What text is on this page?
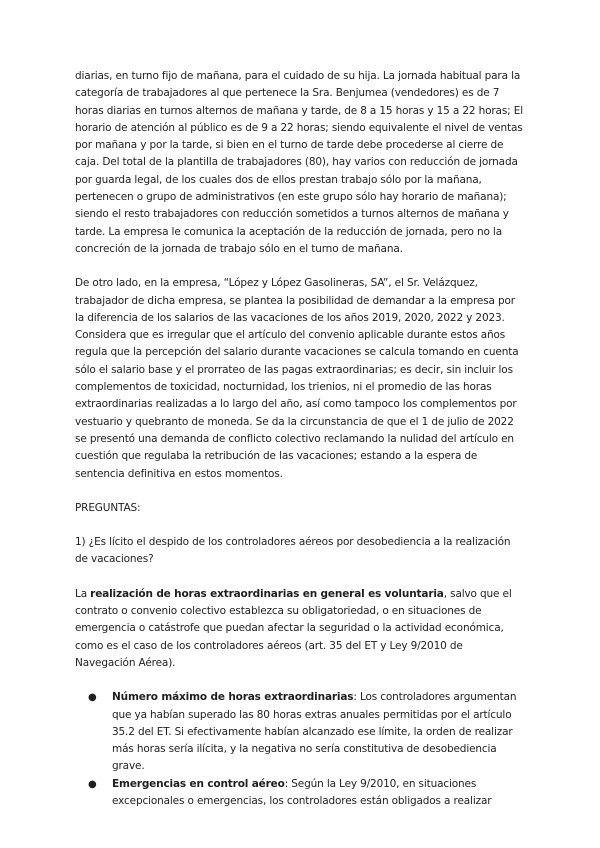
diarias, en turno fijo de mañana, para el cuidado de su hija. La jornada habitual para la categoría de trabajadores al que pertenece la Sra. Benjumea (vendedores) es de 7 horas diarias en turnos alternos de mañana y tarde, de 8 a 15 horas y 15 a 22 horas; El horario de atención al público es de 9 a 22 horas; siendo equivalente el nivel de ventas por mañana y por la tarde, si bien en el turno de tarde debe procederse al cierre de caja. Del total de la plantilla de trabajadores (80), hay varios con reducción de jornada por guarda legal, de los cuales dos de ellos prestan trabajo sólo por la mañana, pertenecen o grupo de administrativos (en este grupo sólo hay horario de mañana); siendo el resto trabajadores con reducción sometidos a turnos alternos de mañana y tarde. La empresa le comunica la aceptación de la reducción de jornada, pero no la concreción de la jornada de trabajo sólo en el turno de mañana.

De otro lado, en la empresa, “López y López Gasolineras, SA”, el Sr. Velázquez, trabajador de dicha empresa, se plantea la posibilidad de demandar a la empresa por la diferencia de los salarios de las vacaciones de los años 2019, 2020, 2022 y 2023. Considera que es irregular que el artículo del convenio aplicable durante estos años regula que la percepción del salario durante vacaciones se calcula tomando en cuenta sólo el salario base y el prorrateo de las pagas extraordinarias; es decir, sin incluir los complementos de toxicidad, nocturnidad, los trienios, ni el promedio de las horas extraordinarias realizadas a lo largo del año, así como tampoco los complementos por vestuario y quebranto de moneda. Se da la circunstancia de que el 1 de julio de 2022 se presentó una demanda de conflicto colectivo reclamando la nulidad del artículo en cuestión que regulaba la retribución de las vacaciones; estando a la espera de sentencia definitiva en estos momentos.

PREGUNTAS:

1) ¿Es lícito el despido de los controladores aéreos por desobediencia a la realización de vacaciones?

La realización de horas extraordinarias en general es voluntaria, salvo que el contrato o convenio colectivo establezca su obligatoriedad, o en situaciones de emergencia o catástrofe que puedan afectar la seguridad o la actividad económica, como es el caso de los controladores aéreos (art. 35 del ET y Ley 9/2010 de Navegación Aérea).

● Número máximo de horas extraordinarias: Los controladores argumentan que ya habían superado las 80 horas extras anuales permitidas por el artículo 35.2 del ET. Si efectivamente habían alcanzado ese límite, la orden de realizar más horas sería ilícita, y la negativa no sería constitutiva de desobediencia grave.
● Emergencias en control aéreo: Según la Ley 9/2010, en situaciones excepcionales o emergencias, los controladores están obligados a realizar
